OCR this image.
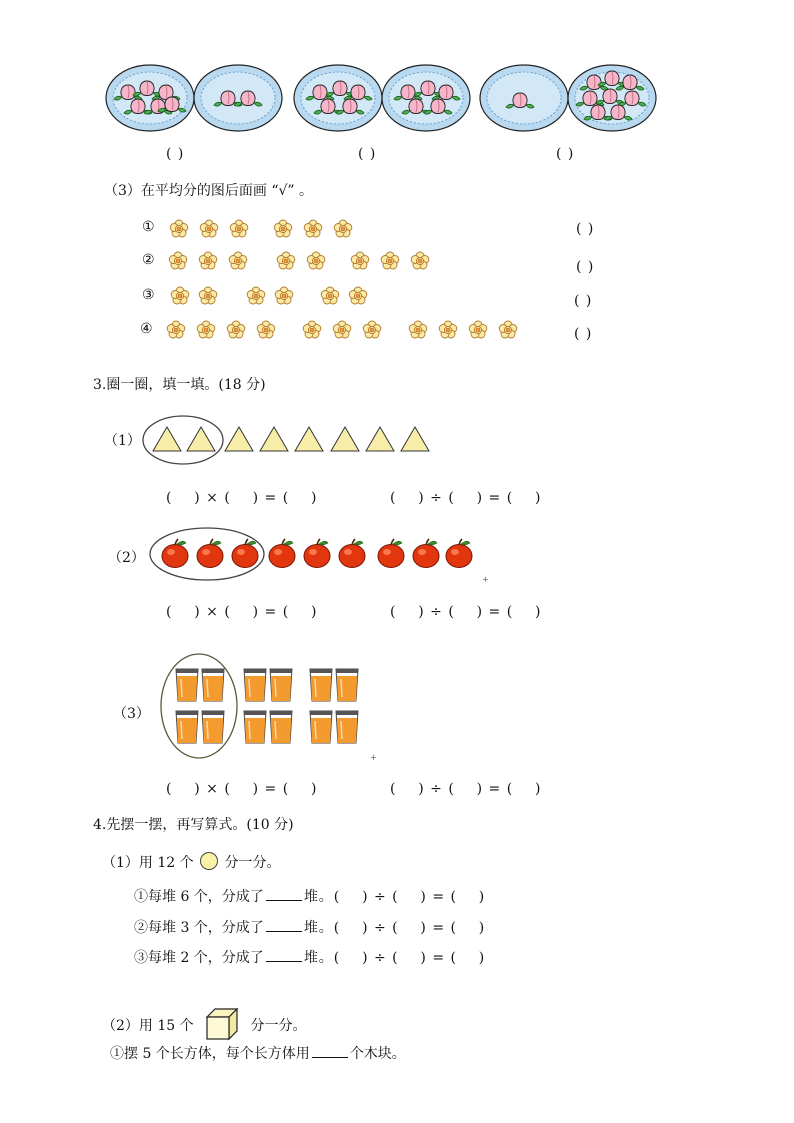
( )	( )	( )
（3）在平均分的图后面画 “√” 。
①	( )
②	( )
③	( )
④	( )
3.圈一圈，填一填。(18 分)
（1）
(    ) × (    ) = (    )	(    ) ÷ (    ) = (    )
（2）
+
(    ) × (    ) = (    )	(    ) ÷ (    ) = (    )
（3）
+
(    ) × (    ) = (    )	(    ) ÷ (    ) = (    )
4.先摆一摆，再写算式。(10 分)
（1）用 12 个 分一分。
①每堆 6 个，分成了	堆。(    ) ÷ (    ) = (    )
②每堆 3 个，分成了	堆。(    ) ÷ (    ) = (    )
③每堆 2 个，分成了	堆。(    ) ÷ (    ) = (    )
（2）用 15 个	分一分。
①摆 5 个长方体，每个长方体用	个木块。
